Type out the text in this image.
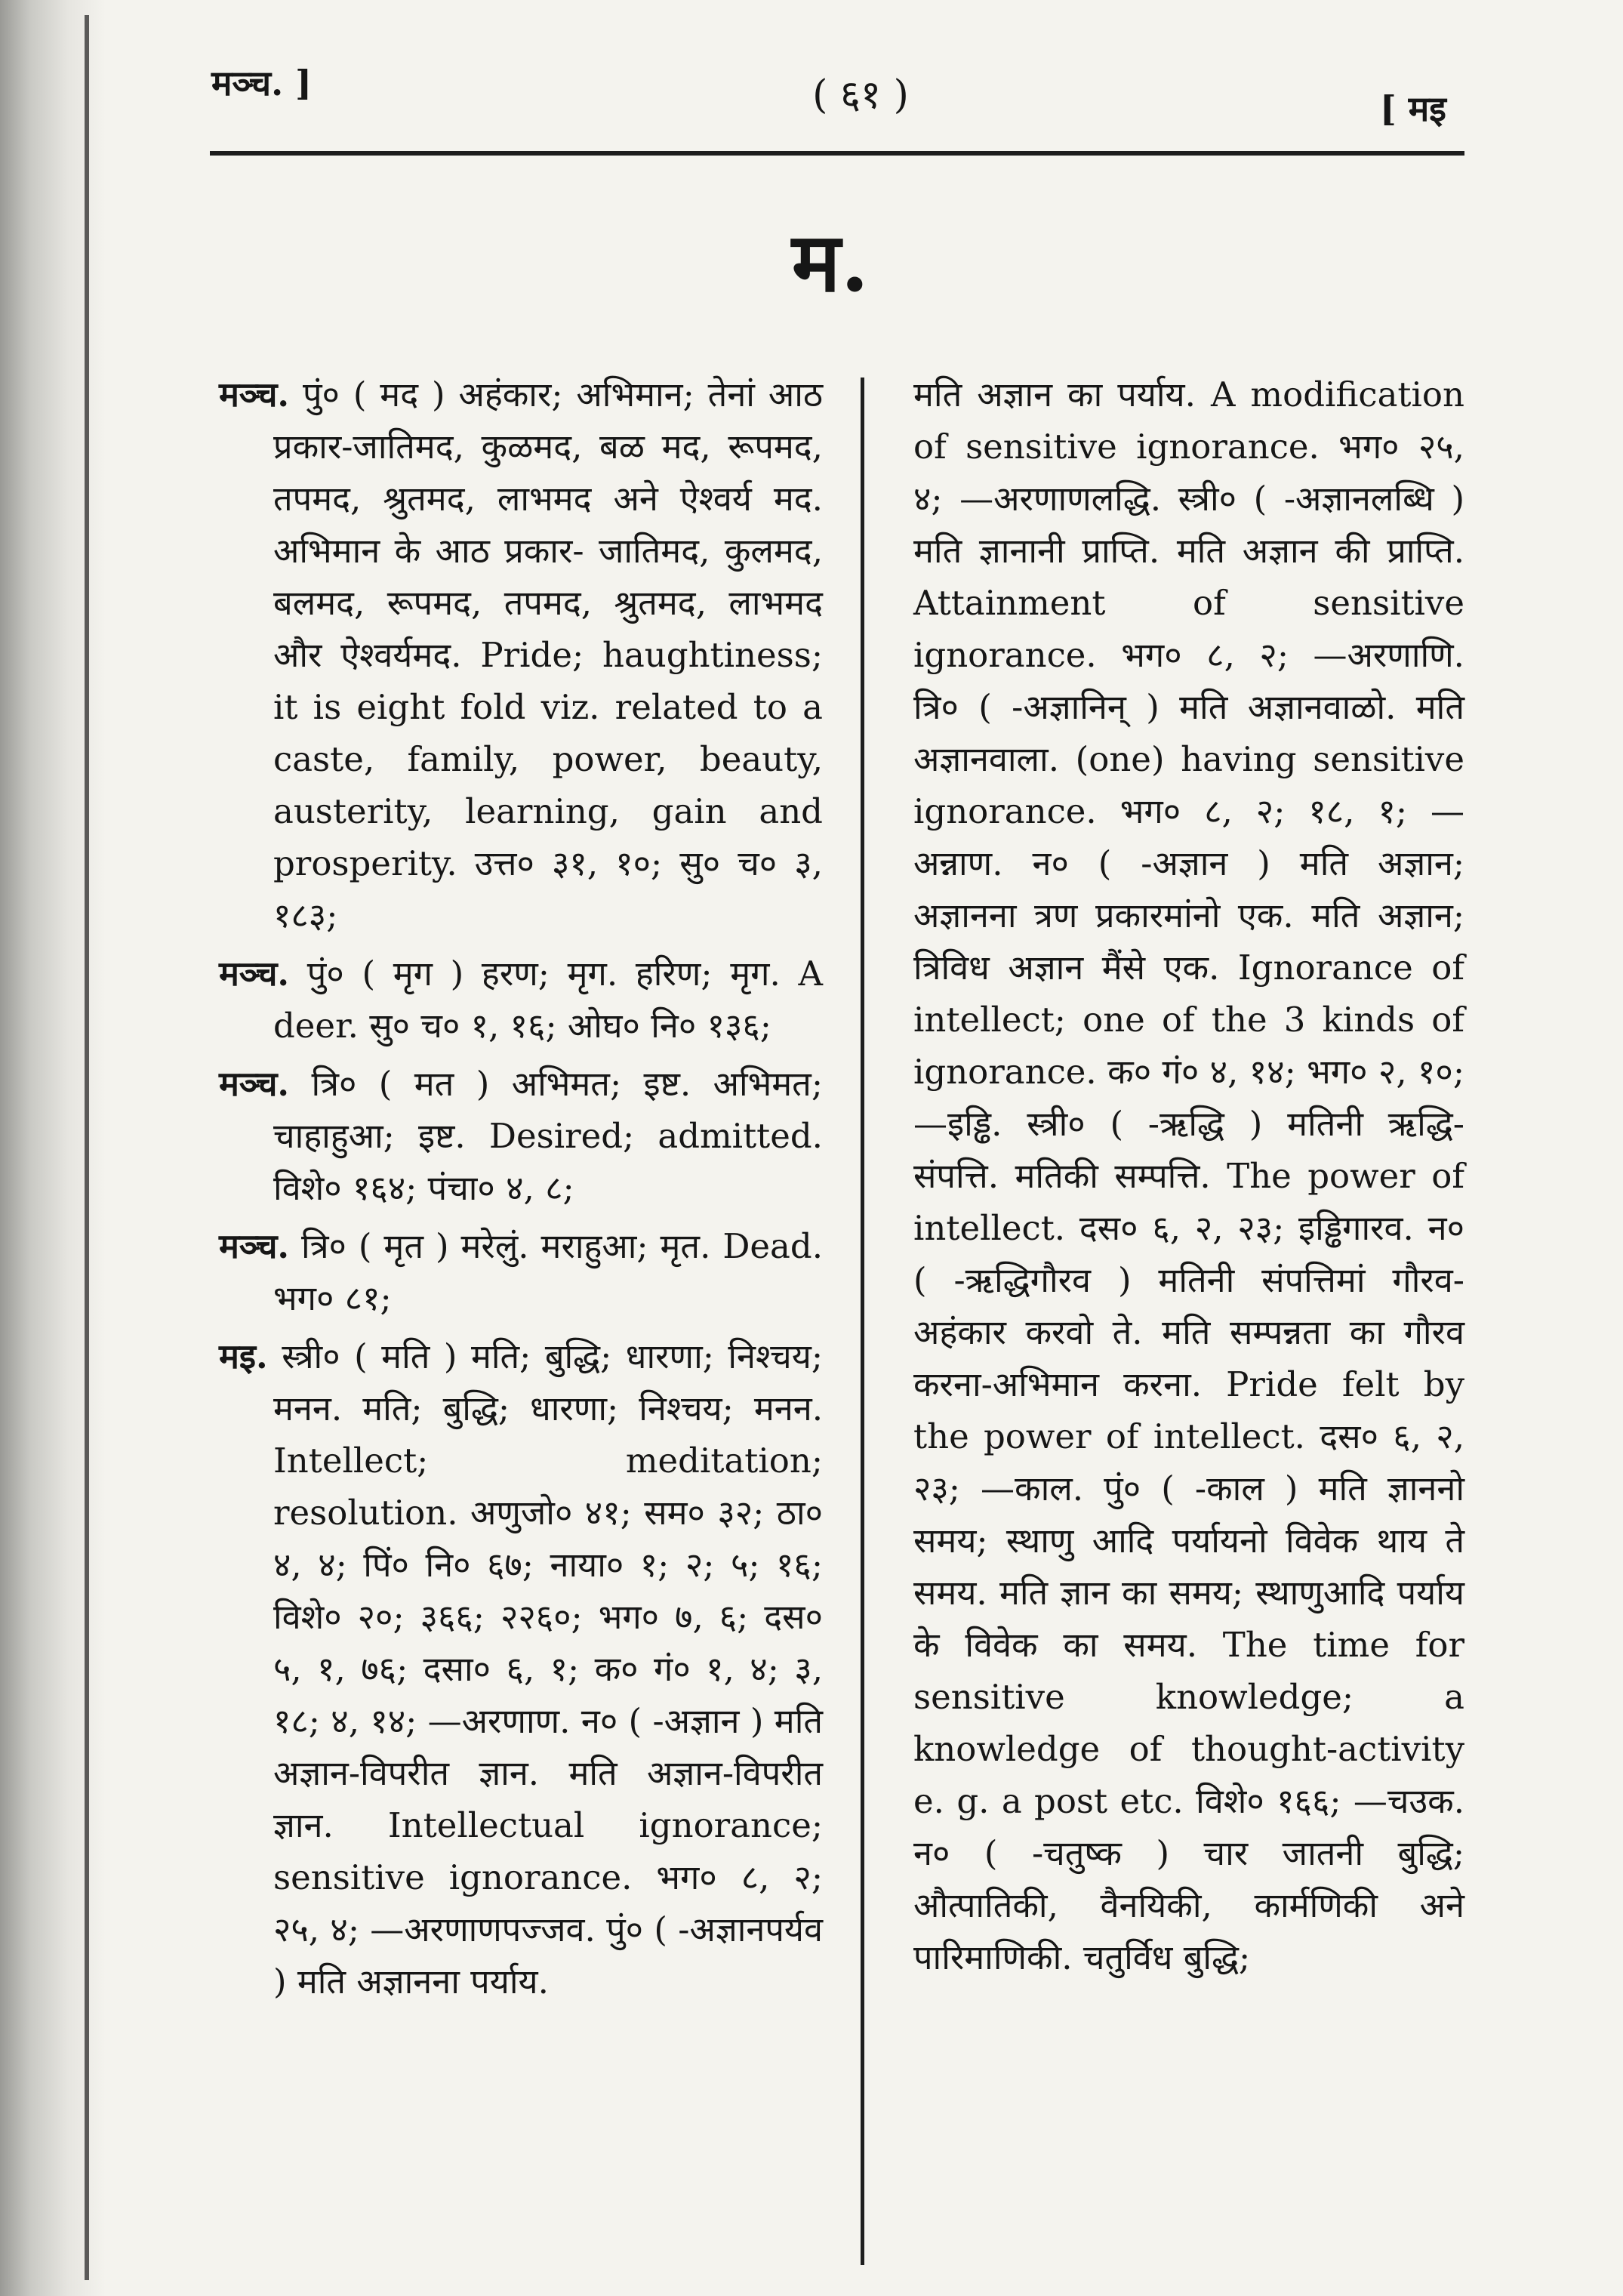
मञ्च. ]	( ६१ )	[ मइ
म.

मञ्च. पुं० ( मद ) अहंकार; अभिमान; तेनां आठ प्रकार-जातिमद, कुळमद, बळ मद, रूपमद, तपमद, श्रुतमद, लाभमद अने ऐश्वर्य मद. अभिमान के आठ प्रकार- जातिमद, कुलमद, बलमद, रूपमद, तपमद, श्रुतमद, लाभमद और ऐश्वर्यमद. Pride; haughtiness; it is eight fold viz. related to a caste, family, power, beauty, austerity, learning, gain and prosperity. उत्त० ३१, १०; सु० च० ३, १८३;

मञ्च. पुं० ( मृग ) हरण; मृग. हरिण; मृग. A deer. सु० च० १, १६; ओघ० नि० १३६;

मञ्च. त्रि० ( मत ) अभिमत; इष्ट. अभिमत; चाहाहुआ; इष्ट. Desired; admitted. विशे० १६४; पंचा० ४, ८;

मञ्च. त्रि० ( मृत ) मरेलुं. मराहुआ; मृत. Dead. भग० ८१;

मइ. स्त्री० ( मति ) मति; बुद्धि; धारणा; निश्चय; मनन. मति; बुद्धि; धारणा; निश्चय; मनन. Intellect; meditation; resolution. अणुजो० ४१; सम० ३२; ठा० ४, ४; पिं० नि० ६७; नाया० १; २; ५; १६; विशे० २०; ३६६; २२६०; भग० ७, ६; दस० ५, १, ७६; दसा० ६, १; क० गं० १, ४; ३, १८; ४, १४; —अरणाण. न० ( -अज्ञान ) मति अज्ञान-विपरीत ज्ञान. मति अज्ञान-विपरीत ज्ञान. Intellectual ignorance; sensitive ignorance. भग० ८, २; २५, ४; —अरणाणपज्जव. पुं० ( -अज्ञानपर्यव ) मति अज्ञानना पर्याय.

मति अज्ञान का पर्याय. A modification of sensitive ignorance. भग० २५, ४; —अरणाणलद्धि. स्त्री० ( -अज्ञानलब्धि ) मति ज्ञानानी प्राप्ति. मति अज्ञान की प्राप्ति. Attainment of sensitive ignorance. भग० ८, २; —अरणाणि. त्रि० ( -अज्ञानिन् ) मति अज्ञानवाळो. मति अज्ञानवाला. (one) having sensitive ignorance. भग० ८, २; १८, १; —अन्नाण. न० ( -अज्ञान ) मति अज्ञान; अज्ञानना त्रण प्रकारमांनो एक. मति अज्ञान; त्रिविध अज्ञान मैंसे एक. Ignorance of intellect; one of the 3 kinds of ignorance. क० गं० ४, १४; भग० २, १०; —इड्ढि. स्त्री० ( -ऋद्धि ) मतिनी ऋद्धि-संपत्ति. मतिकी सम्पत्ति. The power of intellect. दस० ६, २, २३; इड्ढिगारव. न० ( -ऋद्धिगौरव ) मतिनी संपत्तिमां गौरव-अहंकार करवो ते. मति सम्पन्नता का गौरव करना-अभिमान करना. Pride felt by the power of intellect. दस० ६, २, २३; —काल. पुं० ( -काल ) मति ज्ञाननो समय; स्थाणु आदि पर्यायनो विवेक थाय ते समय. मति ज्ञान का समय; स्थाणुआदि पर्याय के विवेक का समय. The time for sensitive knowledge; a knowledge of thought-activity e. g. a post etc. विशे० १६६; —चउक. न० ( -चतुष्क ) चार जातनी बुद्धि; औत्पातिकी, वैनयिकी, कार्मणिकी अने पारिमाणिकी. चतुर्विध बुद्धि;
